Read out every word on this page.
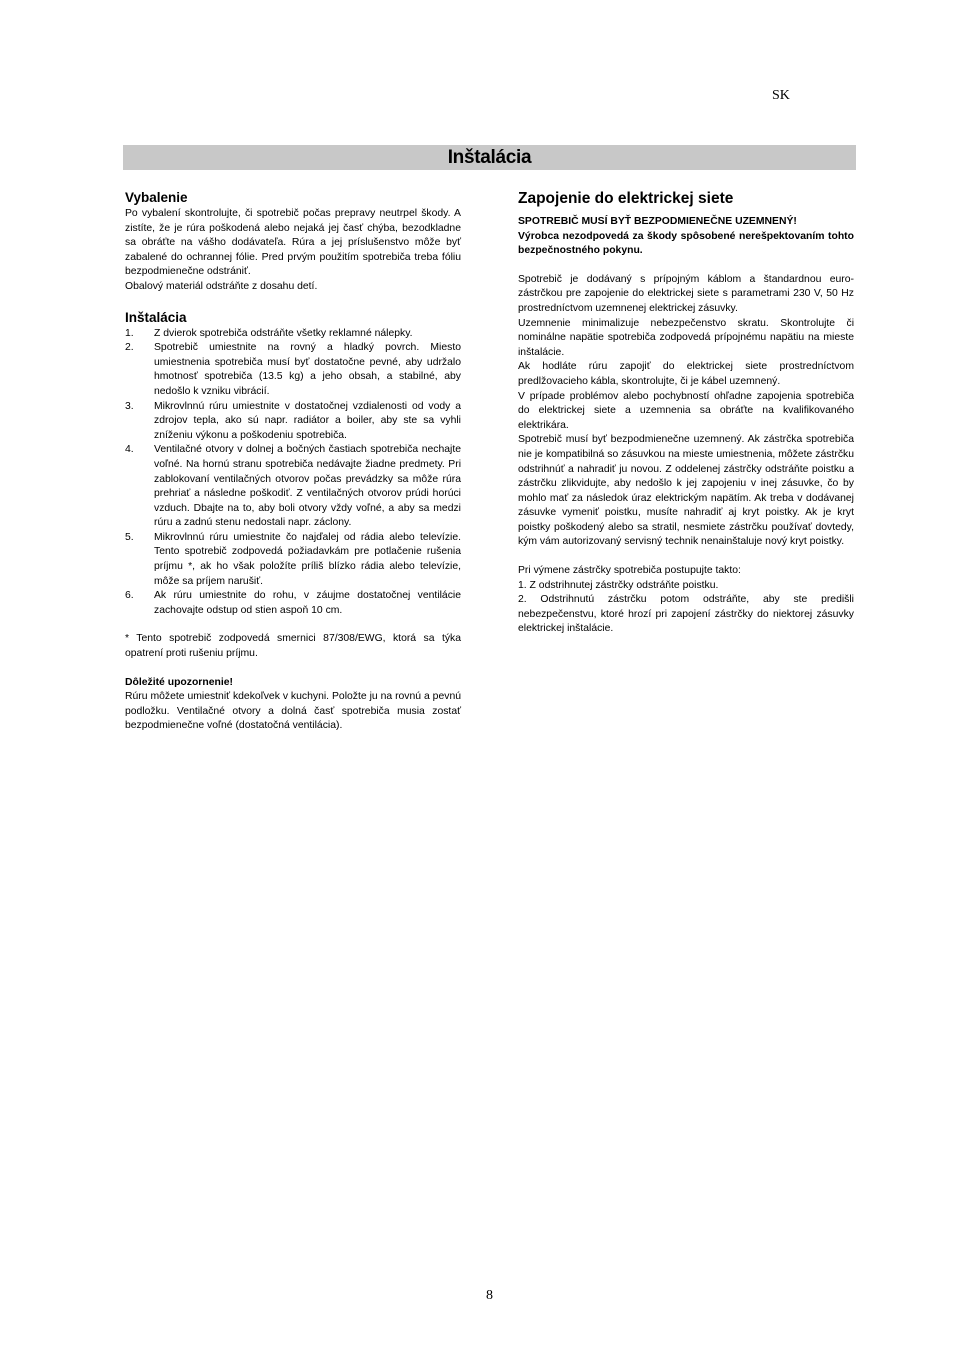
SK
Inštalácia
Vybalenie

Po vybalení skontrolujte, či spotrebič počas prepravy neutrpel škody. A zistíte, že je rúra poškodená alebo nejaká jej časť chýba, bezodkladne sa obráťte na vášho dodávateľa. Rúra a jej príslušenstvo môže byť zabalené do ochrannej fólie. Pred prvým použitím spotrebiča treba fóliu bezpodmienečne odstrániť.

Obalový materiál odstráňte z dosahu detí.

Inštalácia
1.	Z dvierok spotrebiča odstráňte všetky reklamné nálepky.
2.	Spotrebič umiestnite na rovný a hladký povrch. Miesto umiestnenia spotrebiča musí byť dostatočne pevné, aby udržalo hmotnosť spotrebiča (13.5 kg) a jeho obsah, a stabilné, aby nedošlo k vzniku vibrácií.
3.	Mikrovlnnú rúru umiestnite v dostatočnej vzdialenosti od vody a zdrojov tepla, ako sú napr. radiátor a boiler, aby ste sa vyhli zníženiu výkonu a poškodeniu spotrebiča.
4.	Ventilačné otvory v dolnej a bočných častiach spotrebiča nechajte voľné. Na hornú stranu spotrebiča nedávajte žiadne predmety. Pri zablokovaní ventilačných otvorov počas prevádzky sa môže rúra prehriať a následne poškodiť. Z ventilačných otvorov prúdi horúci vzduch. Dbajte na to, aby boli otvory vždy voľné, a aby sa medzi rúru a zadnú stenu nedostali napr. záclony.
5.	Mikrovlnnú rúru umiestnite čo najďalej od rádia alebo televízie. Tento spotrebič zodpovedá požiadavkám pre potlačenie rušenia príjmu *, ak ho však položíte príliš blízko rádia alebo televízie, môže sa príjem narušiť.
6.	Ak rúru umiestnite do rohu, v záujme dostatočnej ventilácie zachovajte odstup od stien aspoň 10 cm.

* Tento spotrebič zodpovedá smernici 87/308/EWG, ktorá sa týka opatrení proti rušeniu príjmu.

Dôležité upozornenie!

Rúru môžete umiestniť kdekoľvek v kuchyni. Položte ju na rovnú a pevnú podložku. Ventilačné otvory a dolná časť spotrebiča musia zostať bezpodmienečne voľné (dostatočná ventilácia).

Zapojenie do elektrickej siete

SPOTREBIČ MUSÍ BYŤ BEZPODMIENEČNE UZEMNENÝ!

Výrobca nezodpovedá za škody spôsobené nerešpektovaním tohto bezpečnostného pokynu.

Spotrebič je dodávaný s prípojným káblom a štandardnou euro-zástrčkou pre zapojenie do elektrickej siete s parametrami 230 V, 50 Hz prostredníctvom uzemnenej elektrickej zásuvky.

Uzemnenie minimalizuje nebezpečenstvo skratu. Skontrolujte či nominálne napätie spotrebiča zodpovedá prípojnému napätiu na mieste inštalácie.

Ak hodláte rúru zapojiť do elektrickej siete prostredníctvom predlžovacieho kábla, skontrolujte, či je kábel uzemnený.

V prípade problémov alebo pochybností ohľadne zapojenia spotrebiča do elektrickej siete a uzemnenia sa obráťte na kvalifikovaného elektrikára.

Spotrebič musí byť bezpodmienečne uzemnený. Ak zástrčka spotrebiča nie je kompatibilná so zásuvkou na mieste umiestnenia, môžete zástrčku odstrihnúť a nahradiť ju novou. Z oddelenej zástrčky odstráňte poistku a zástrčku zlikvidujte, aby nedošlo k jej zapojeniu v inej zásuvke, čo by mohlo mať za následok úraz elektrickým napätím. Ak treba v dodávanej zásuvke vymeniť poistku, musíte nahradiť aj kryt poistky. Ak je kryt poistky poškodený alebo sa stratil, nesmiete zástrčku používať dovtedy, kým vám autorizovaný servisný technik nenainštaluje nový kryt poistky.

Pri výmene zástrčky spotrebiča postupujte takto:

1. Z odstrihnutej zástrčky odstráňte poistku.

2. Odstrihnutú zástrčku potom odstráňte, aby ste predišli nebezpečenstvu, ktoré hrozí pri zapojení zástrčky do niektorej zásuvky elektrickej inštalácie.

8
